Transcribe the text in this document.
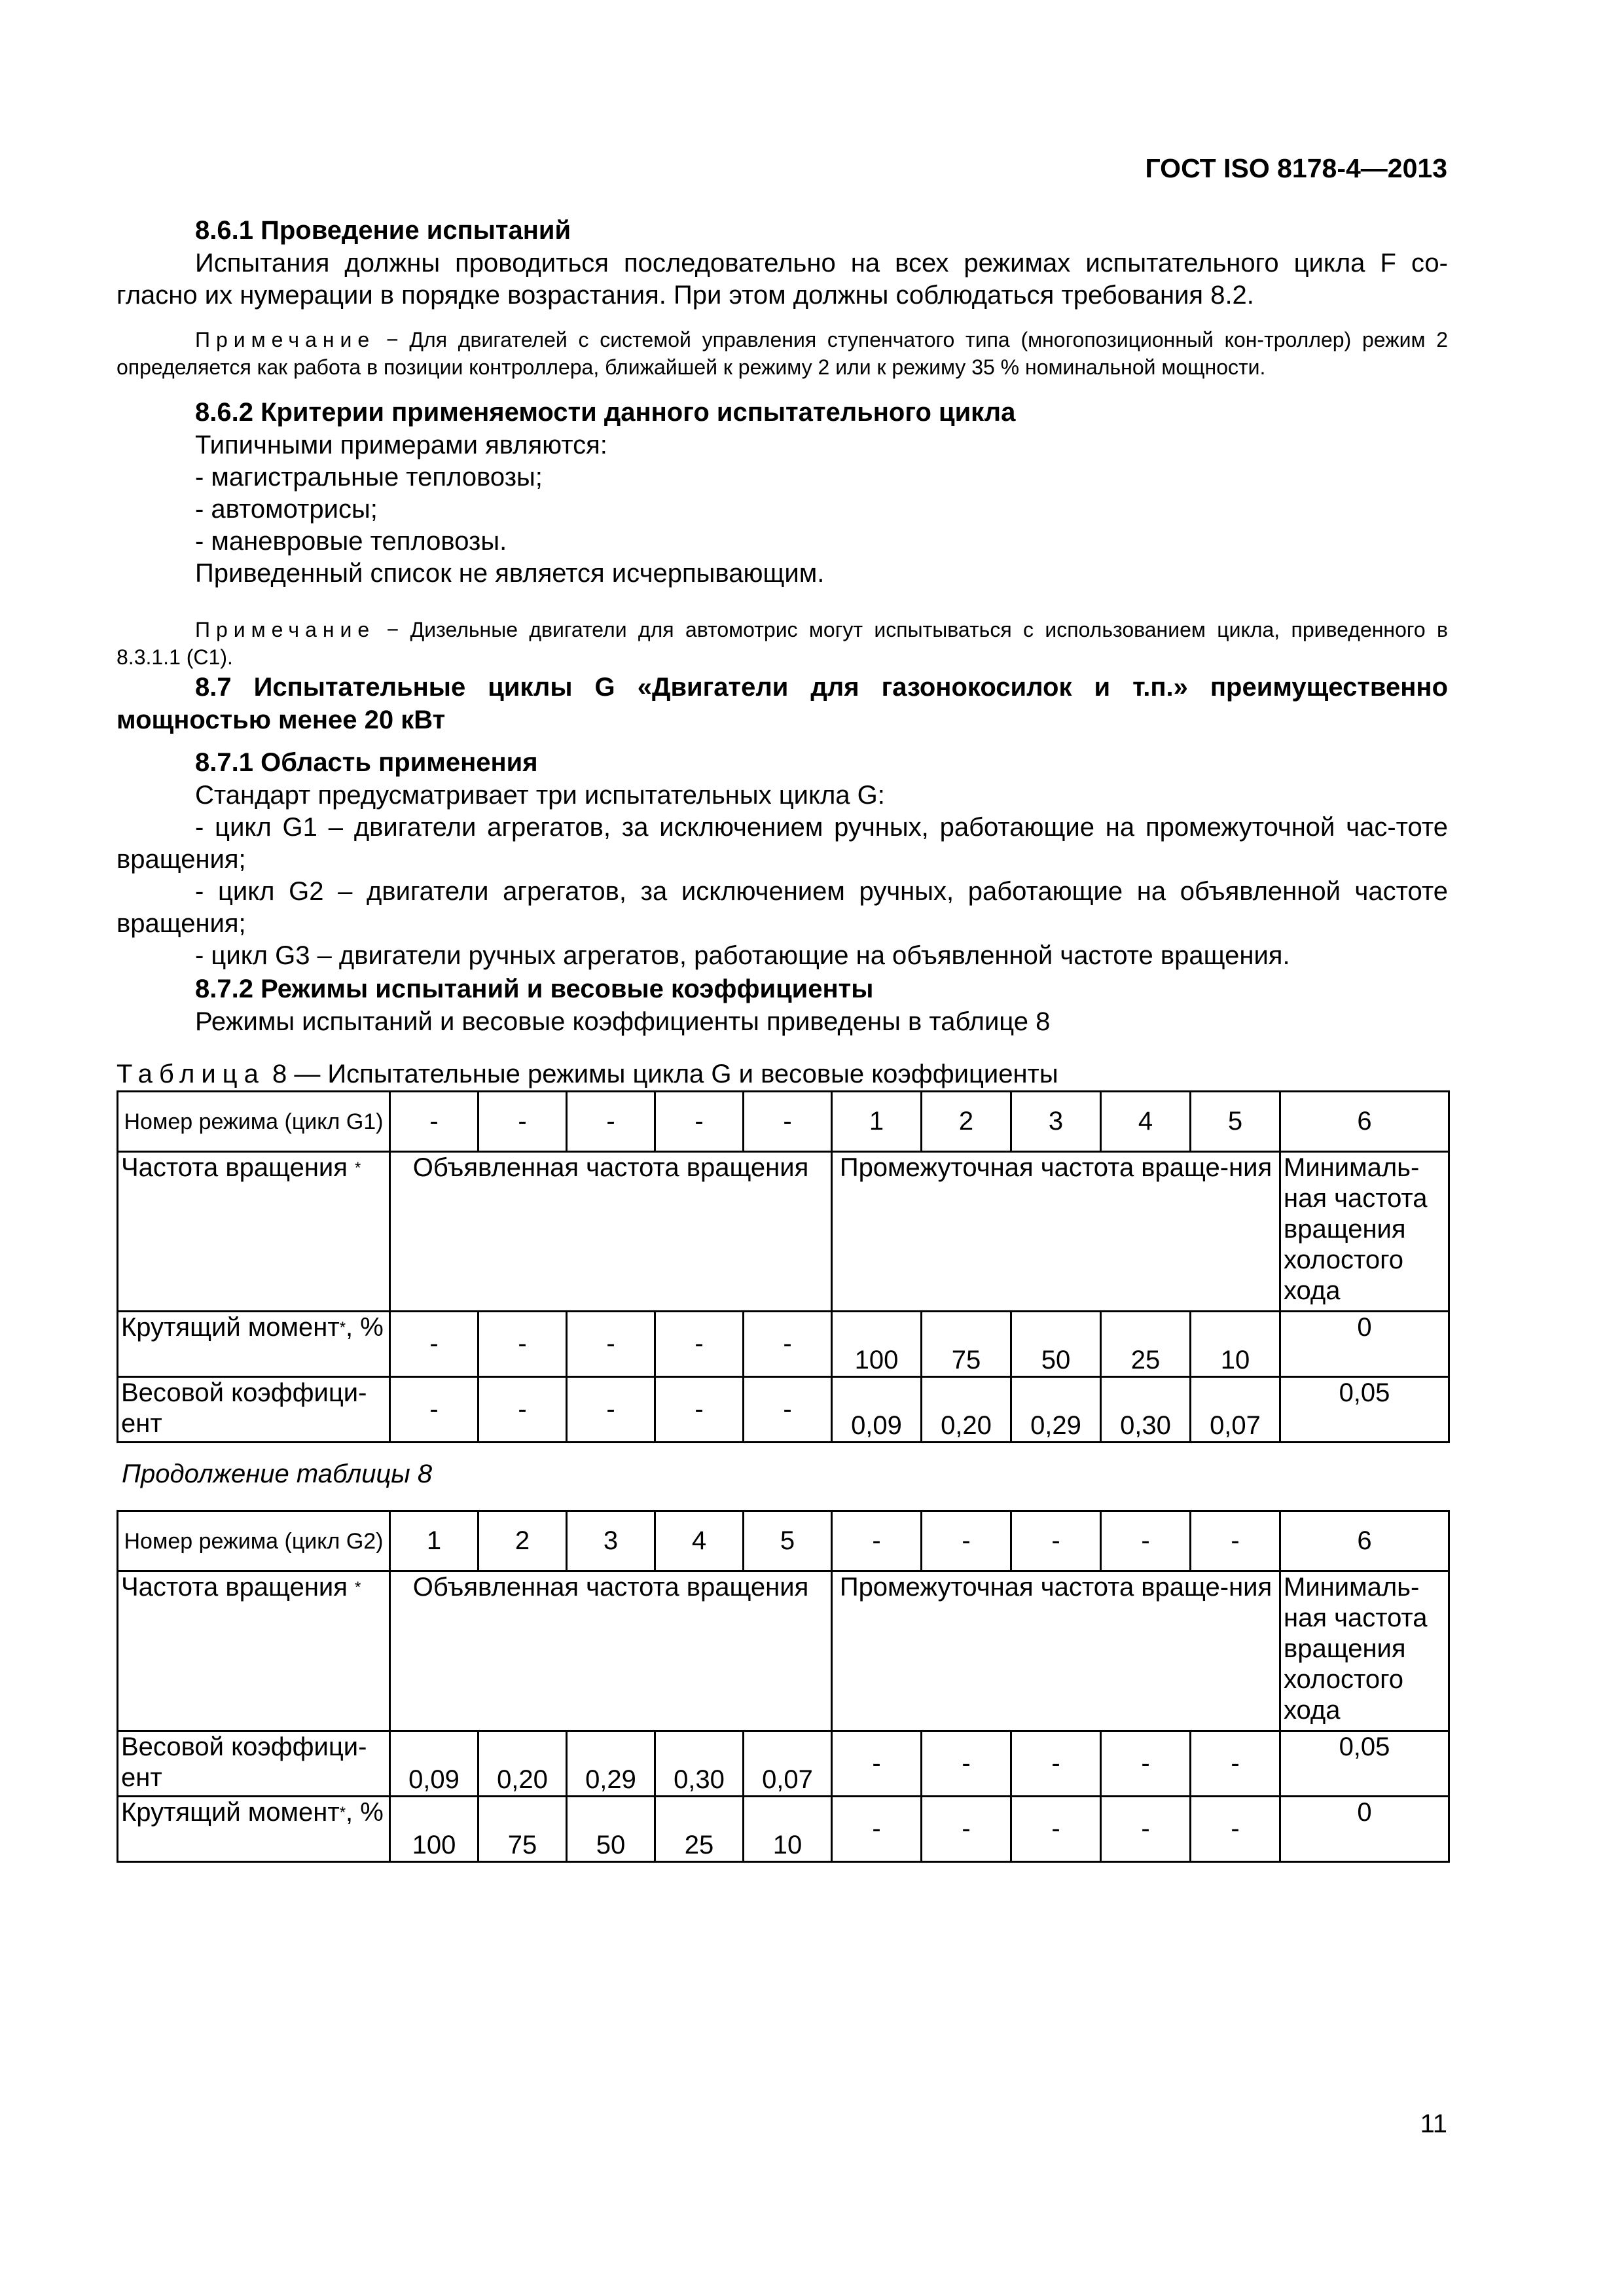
ГОСТ ISO 8178-4—2013

8.6.1 Проведение испытаний

Испытания должны проводиться последовательно на всех режимах испытательного цикла F со-гласно их нумерации в порядке возрастания. При этом должны соблюдаться требования 8.2.

Примечание − Для двигателей с системой управления ступенчатого типа (многопозиционный кон-троллер) режим 2 определяется как работа в позиции контроллера, ближайшей к режиму 2 или к режиму 35 % номинальной мощности.

8.6.2 Критерии применяемости данного испытательного цикла

Типичными примерами являются:

- магистральные тепловозы;

- автомотрисы;

- маневровые тепловозы.

Приведенный список не является исчерпывающим.

Примечание − Дизельные двигатели для автомотрис могут испытываться с использованием цикла, приведенного в 8.3.1.1 (C1).

8.7 Испытательные циклы G «Двигатели для газонокосилок и т.п.» преимущественно мощностью менее 20 кВт

8.7.1 Область применения

Стандарт предусматривает три испытательных цикла G:

- цикл G1 – двигатели агрегатов, за исключением ручных, работающие на промежуточной час-тоте вращения;

- цикл G2 – двигатели агрегатов, за исключением ручных, работающие на объявленной частоте вращения;

- цикл G3 – двигатели ручных агрегатов, работающие на объявленной частоте вращения.

8.7.2 Режимы испытаний и весовые коэффициенты

Режимы испытаний и весовые коэффициенты приведены в таблице 8

Таблица 8 — Испытательные режимы цикла G и весовые коэффициенты

Номер режима (цикл G1)	-	-	-	-	-	1	2	3	4	5	6
Частота вращения *	Объявленная частота вращения					Промежуточная частота враще-ния					Минималь-ная частота вращения холостого хода
Крутящий момент*, %	-	-	-	-	-	100	75	50	25	10	0
Весовой коэффици-ент	-	-	-	-	-	0,09	0,20	0,29	0,30	0,07	0,05

Продолжение таблицы 8

Номер режима (цикл G2)	1	2	3	4	5	-	-	-	-	-	6
Частота вращения *	Объявленная частота вращения					Промежуточная частота враще-ния					Минималь-ная частота вращения холостого хода
Весовой коэффици-ент	0,09	0,20	0,29	0,30	0,07	-	-	-	-	-	0,05
Крутящий момент*, %	100	75	50	25	10	-	-	-	-	-	0

11
